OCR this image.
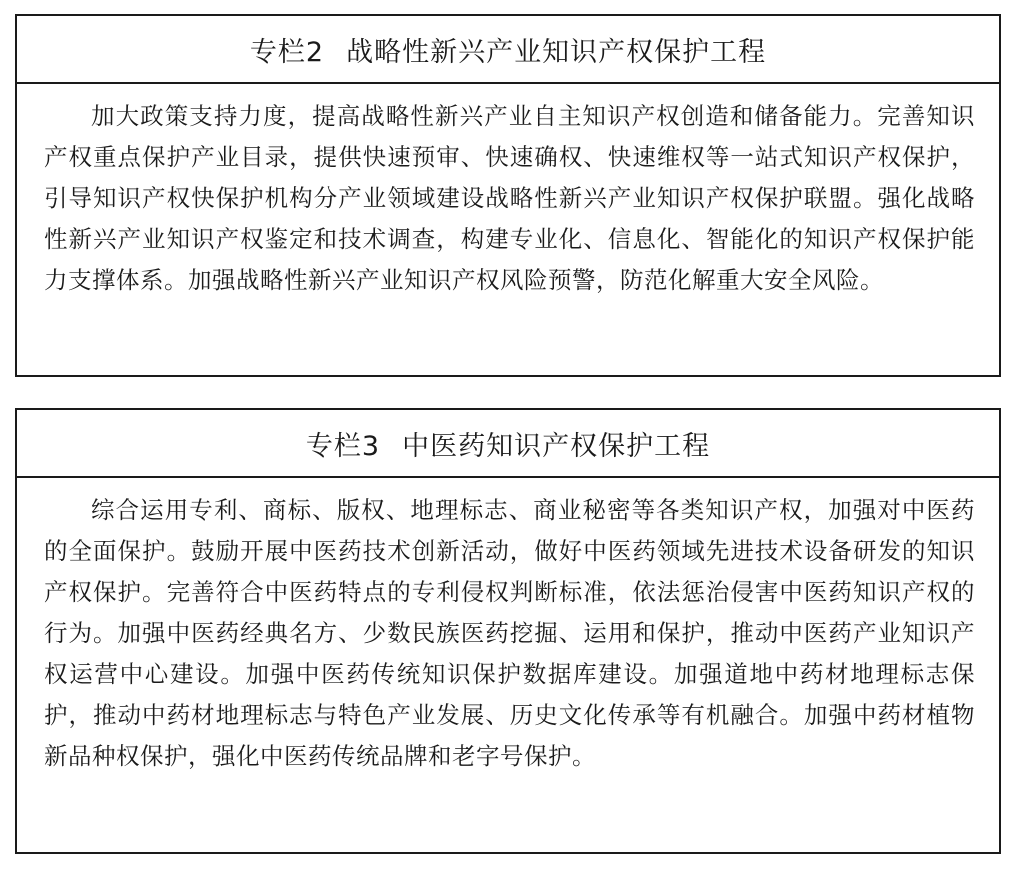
专栏2 战略性新兴产业知识产权保护工程
加大政策支持力度，提高战略性新兴产业自主知识产权创造和储备能力。完善知识产权重点保护产业目录，提供快速预审、快速确权、快速维权等一站式知识产权保护，引导知识产权快保护机构分产业领域建设战略性新兴产业知识产权保护联盟。强化战略性新兴产业知识产权鉴定和技术调查，构建专业化、信息化、智能化的知识产权保护能力支撑体系。加强战略性新兴产业知识产权风险预警，防范化解重大安全风险。
专栏3 中医药知识产权保护工程
综合运用专利、商标、版权、地理标志、商业秘密等各类知识产权，加强对中医药的全面保护。鼓励开展中医药技术创新活动，做好中医药领域先进技术设备研发的知识产权保护。完善符合中医药特点的专利侵权判断标准，依法惩治侵害中医药知识产权的行为。加强中医药经典名方、少数民族医药挖掘、运用和保护，推动中医药产业知识产权运营中心建设。加强中医药传统知识保护数据库建设。加强道地中药材地理标志保护，推动中药材地理标志与特色产业发展、历史文化传承等有机融合。加强中药材植物新品种权保护，强化中医药传统品牌和老字号保护。
